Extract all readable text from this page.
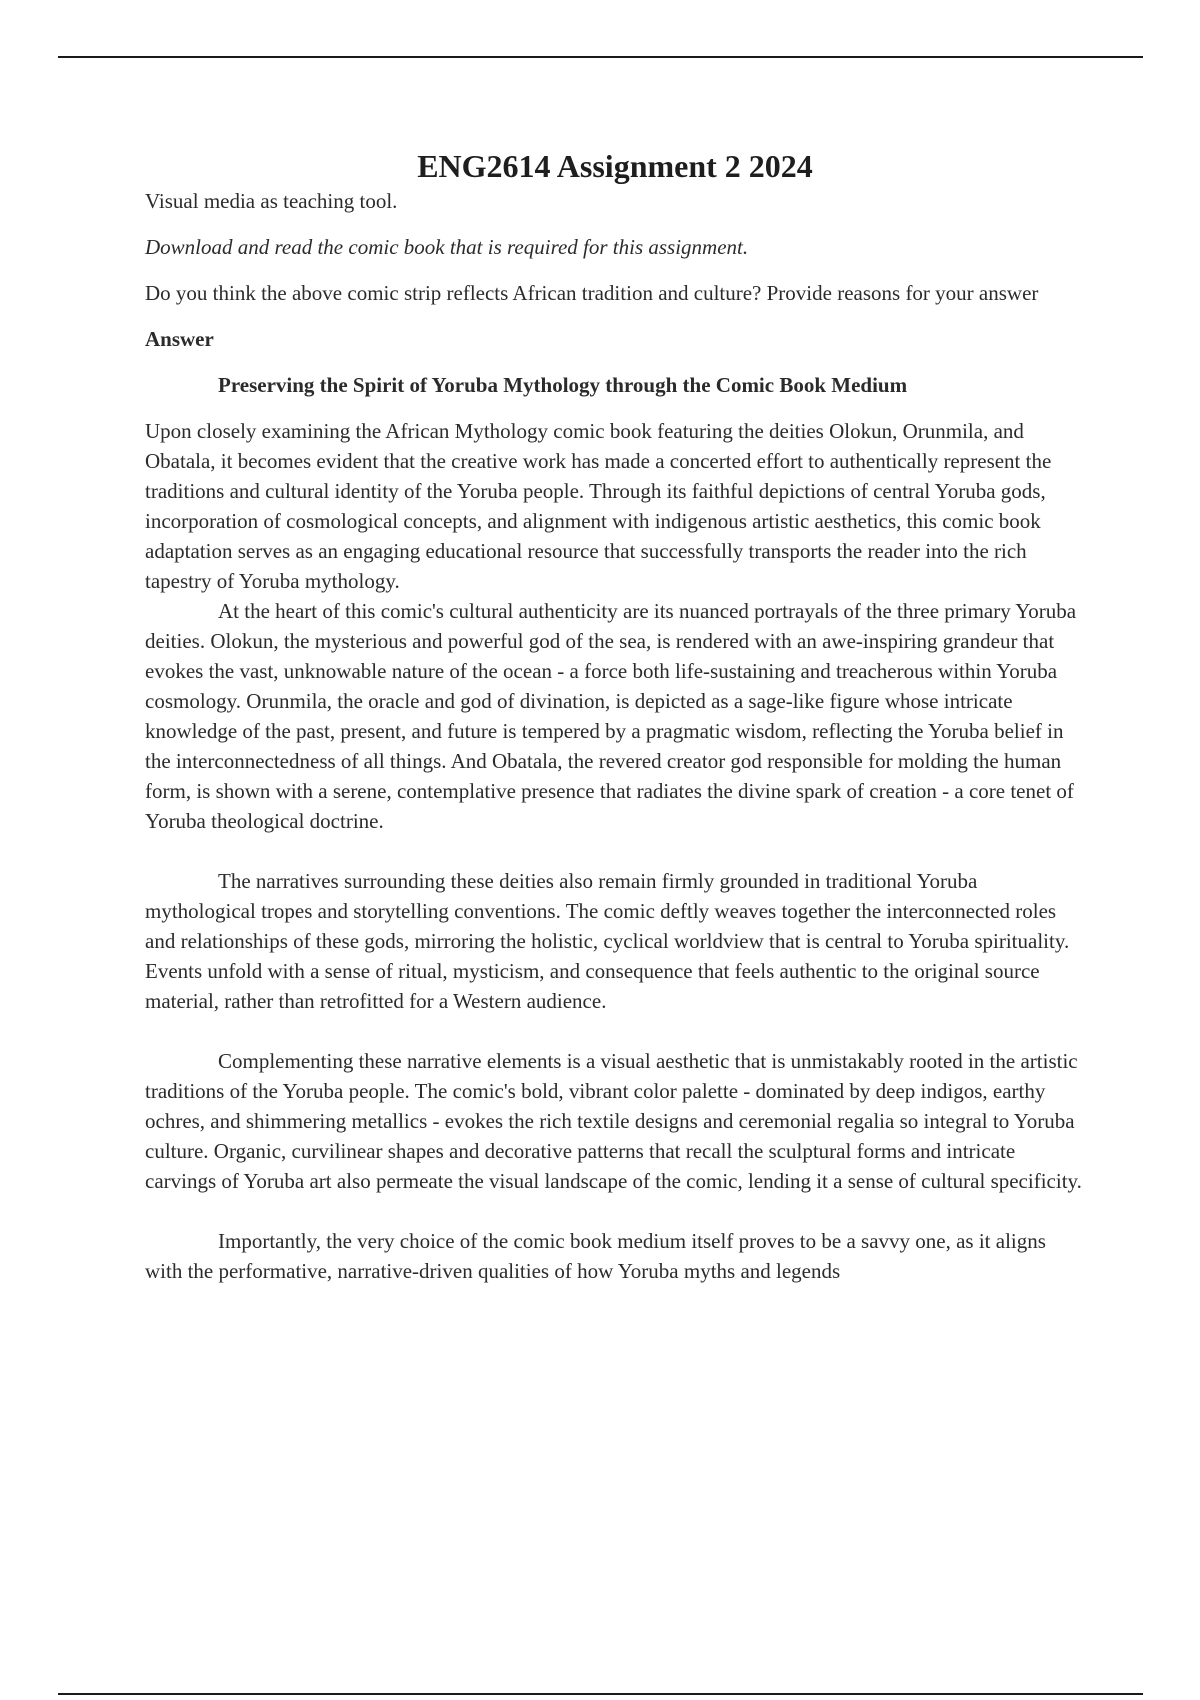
ENG2614 Assignment 2 2024

Visual media as teaching tool.

Download and read the comic book that is required for this assignment.

Do you think the above comic strip reflects African tradition and culture? Provide reasons for your answer

Answer

Preserving the Spirit of Yoruba Mythology through the Comic Book Medium

Upon closely examining the African Mythology comic book featuring the deities Olokun, Orunmila, and Obatala, it becomes evident that the creative work has made a concerted effort to authentically represent the traditions and cultural identity of the Yoruba people. Through its faithful depictions of central Yoruba gods, incorporation of cosmological concepts, and alignment with indigenous artistic aesthetics, this comic book adaptation serves as an engaging educational resource that successfully transports the reader into the rich tapestry of Yoruba mythology.

At the heart of this comic's cultural authenticity are its nuanced portrayals of the three primary Yoruba deities. Olokun, the mysterious and powerful god of the sea, is rendered with an awe-inspiring grandeur that evokes the vast, unknowable nature of the ocean - a force both life-sustaining and treacherous within Yoruba cosmology. Orunmila, the oracle and god of divination, is depicted as a sage-like figure whose intricate knowledge of the past, present, and future is tempered by a pragmatic wisdom, reflecting the Yoruba belief in the interconnectedness of all things. And Obatala, the revered creator god responsible for molding the human form, is shown with a serene, contemplative presence that radiates the divine spark of creation - a core tenet of Yoruba theological doctrine.

The narratives surrounding these deities also remain firmly grounded in traditional Yoruba mythological tropes and storytelling conventions. The comic deftly weaves together the interconnected roles and relationships of these gods, mirroring the holistic, cyclical worldview that is central to Yoruba spirituality. Events unfold with a sense of ritual, mysticism, and consequence that feels authentic to the original source material, rather than retrofitted for a Western audience.

Complementing these narrative elements is a visual aesthetic that is unmistakably rooted in the artistic traditions of the Yoruba people. The comic's bold, vibrant color palette - dominated by deep indigos, earthy ochres, and shimmering metallics - evokes the rich textile designs and ceremonial regalia so integral to Yoruba culture. Organic, curvilinear shapes and decorative patterns that recall the sculptural forms and intricate carvings of Yoruba art also permeate the visual landscape of the comic, lending it a sense of cultural specificity.

Importantly, the very choice of the comic book medium itself proves to be a savvy one, as it aligns with the performative, narrative-driven qualities of how Yoruba myths and legends
